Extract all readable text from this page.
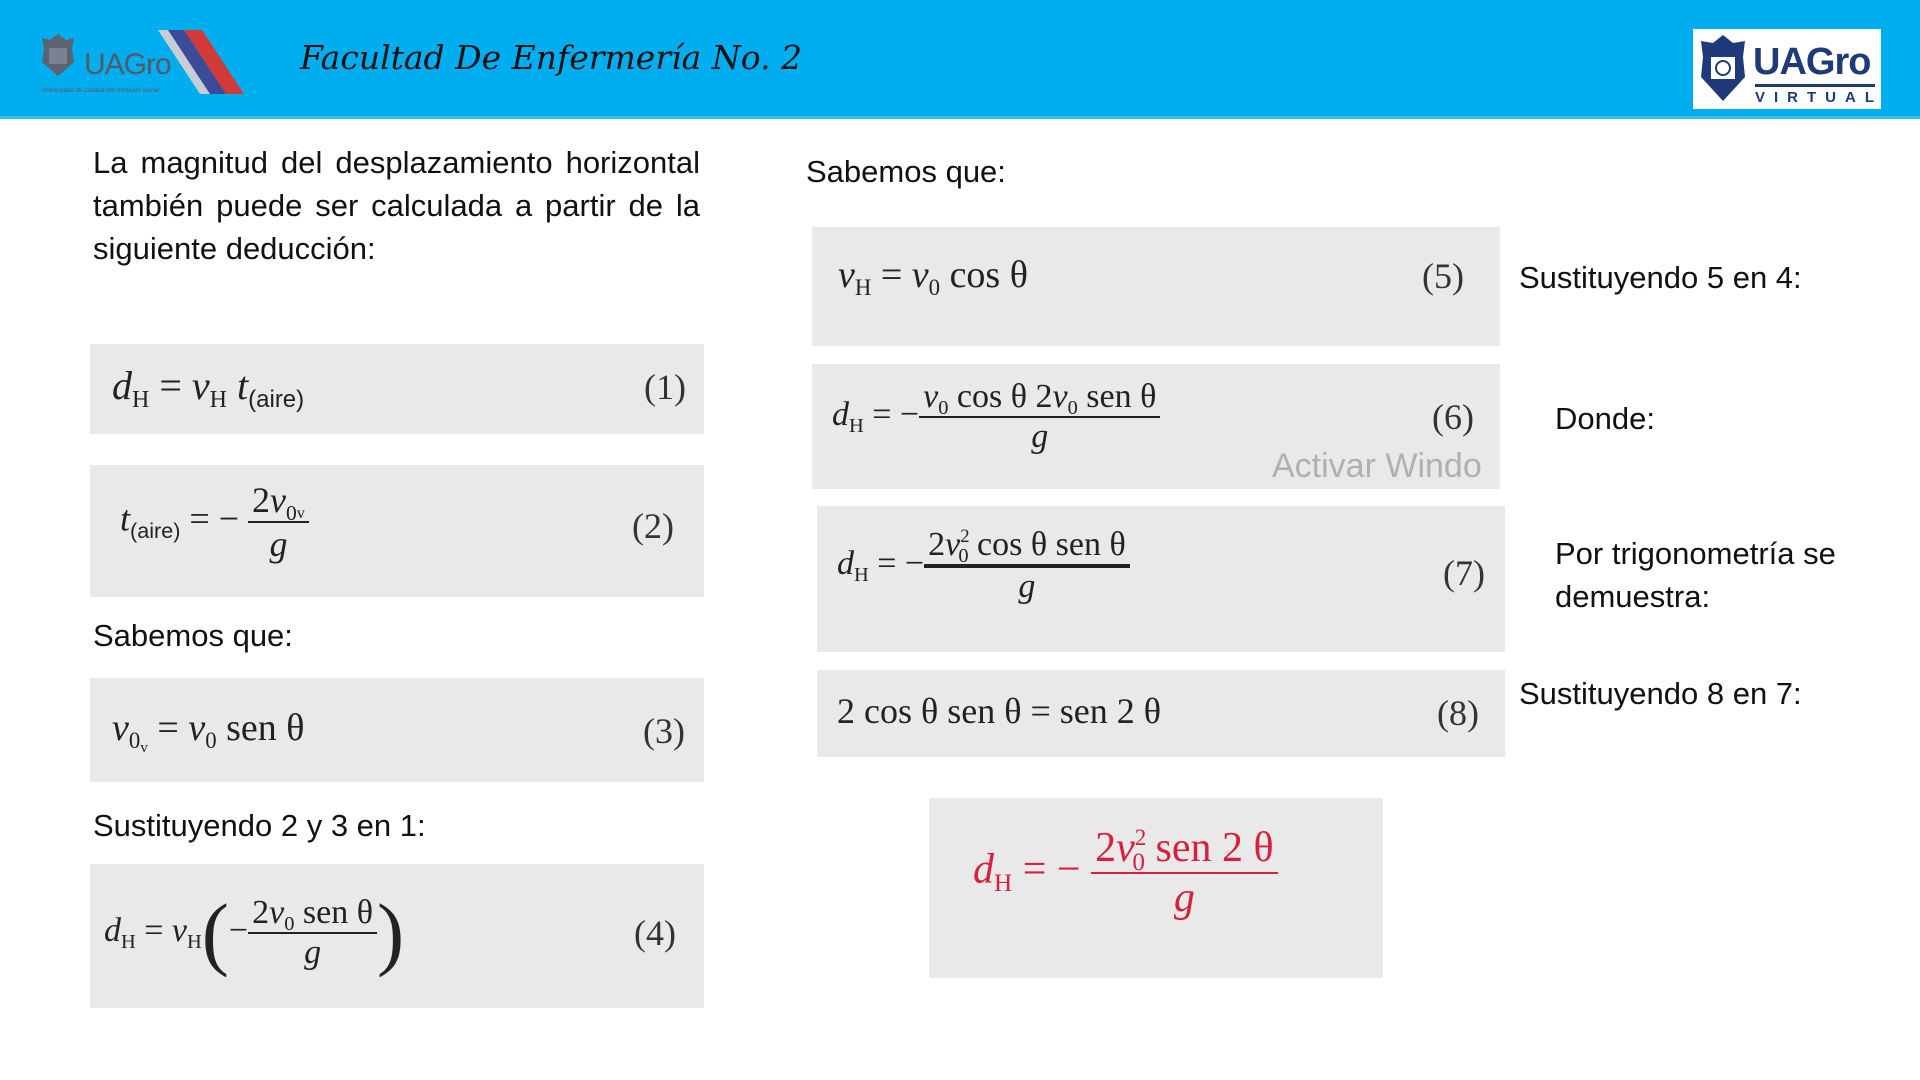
UAGro
Universidad de Calidad con Inclusión Social
Facultad De Enfermería No. 2	UAGro
VIRTUAL

La magnitud del desplazamiento horizontal también puede ser calculada a partir de la siguiente deducción:

Sabemos que:

Sustituyendo 2 y 3 en 1:

$d_H = v_H$ $t_{(aire)}$	(1)
$t_{(aire)}$ = − $\frac{2v_0v}{g}$	(2)
$v_{0v} = v_0$ sen θ	(3)
$d_H = v_H(- \frac{2v_0 sen \theta}{g}$ )	(4)

Sabemos que:

Sustituyendo 5 en 4:

Donde:

Por trigonometría se demuestra:

Sustituyendo 8 en 7:

$v_H = v_0$ cos θ	(5)
$d_H$ = − $\frac{v_0 \cos \theta 2v_0 sen \theta}{g}$	(6)
Activar Windo
$d_H$ = − $\frac{2v^2_0 \cos \theta sen \theta}{g}$	(7)
2 cos θ sen θ = sen 2 θ	(8)
$d_H$ = − $\frac{2v^2_0 sen 2 \theta}{g}$
